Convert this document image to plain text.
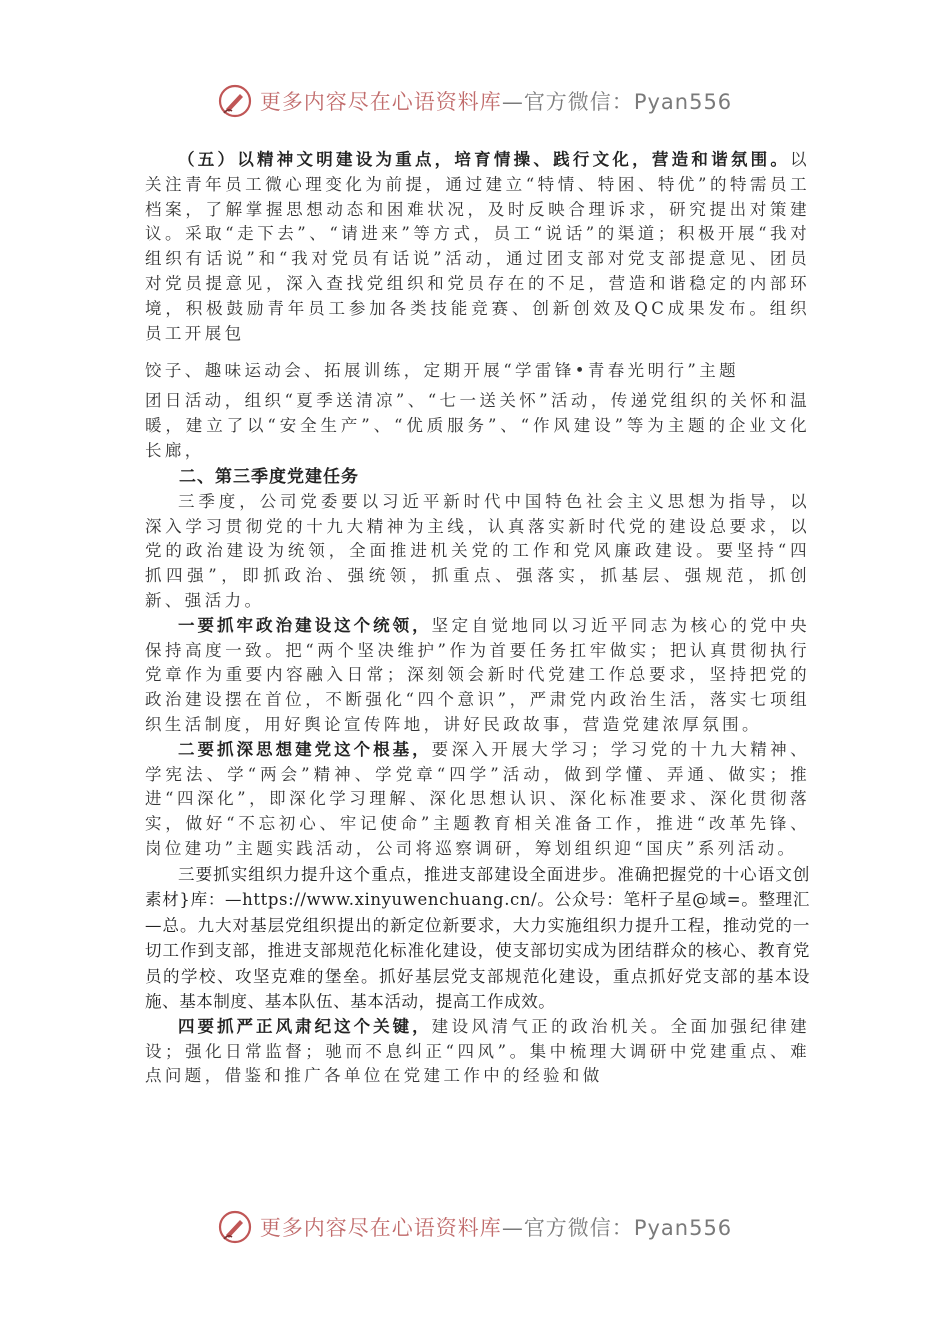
更多内容尽在心语资料库—官方微信：Pyan556

（五）以精神文明建设为重点，培育情操、践行文化，营造和谐氛围。以关注青年员工微心理变化为前提，通过建立“特情、特困、特优”的特需员工档案，了解掌握思想动态和困难状况，及时反映合理诉求，研究提出对策建议。采取“走下去”、“请进来”等方式，员工“说话”的渠道；积极开展“我对组织有话说”和“我对党员有话说”活动，通过团支部对党支部提意见、团员对党员提意见，深入查找党组织和党员存在的不足，营造和谐稳定的内部环境，积极鼓励青年员工参加各类技能竞赛、创新创效及QC成果发布。组织员工开展包

饺子、趣味运动会、拓展训练，定期开展“学雷锋•青春光明行”主题

团日活动，组织“夏季送清凉”、“七一送关怀”活动，传递党组织的关怀和温暖，建立了以“安全生产”、“优质服务”、“作风建设”等为主题的企业文化长廊，

二、第三季度党建任务

三季度，公司党委要以习近平新时代中国特色社会主义思想为指导，以深入学习贯彻党的十九大精神为主线，认真落实新时代党的建设总要求，以党的政治建设为统领，全面推进机关党的工作和党风廉政建设。要坚持“四抓四强”，即抓政治、强统领，抓重点、强落实，抓基层、强规范，抓创新、强活力。

一要抓牢政治建设这个统领，坚定自觉地同以习近平同志为核心的党中央保持高度一致。把“两个坚决维护”作为首要任务扛牢做实；把认真贯彻执行党章作为重要内容融入日常；深刻领会新时代党建工作总要求，坚持把党的政治建设摆在首位，不断强化“四个意识”，严肃党内政治生活，落实七项组织生活制度，用好舆论宣传阵地，讲好民政故事，营造党建浓厚氛围。

二要抓深思想建党这个根基，要深入开展大学习；学习党的十九大精神、学宪法、学“两会”精神、学党章“四学”活动，做到学懂、弄通、做实；推进“四深化”，即深化学习理解、深化思想认识、深化标准要求、深化贯彻落实，做好“不忘初心、牢记使命”主题教育相关准备工作，推进“改革先锋、岗位建功”主题实践活动，公司将巡察调研，筹划组织迎“国庆”系列活动。

三要抓实组织力提升这个重点，推进支部建设全面进步。准确把握党的十心语文创素材}库：—https://www.xinyuwenchuang.cn/。公众号：笔杆子星@域=。整理汇—总。九大对基层党组织提出的新定位新要求，大力实施组织力提升工程，推动党的一切工作到支部，推进支部规范化标准化建设，使支部切实成为团结群众的核心、教育党员的学校、攻坚克难的堡垒。抓好基层党支部规范化建设，重点抓好党支部的基本设施、基本制度、基本队伍、基本活动，提高工作成效。

四要抓严正风肃纪这个关键，建设风清气正的政治机关。全面加强纪律建设；强化日常监督；驰而不息纠正“四风”。集中梳理大调研中党建重点、难点问题，借鉴和推广各单位在党建工作中的经验和做

更多内容尽在心语资料库—官方微信：Pyan556
